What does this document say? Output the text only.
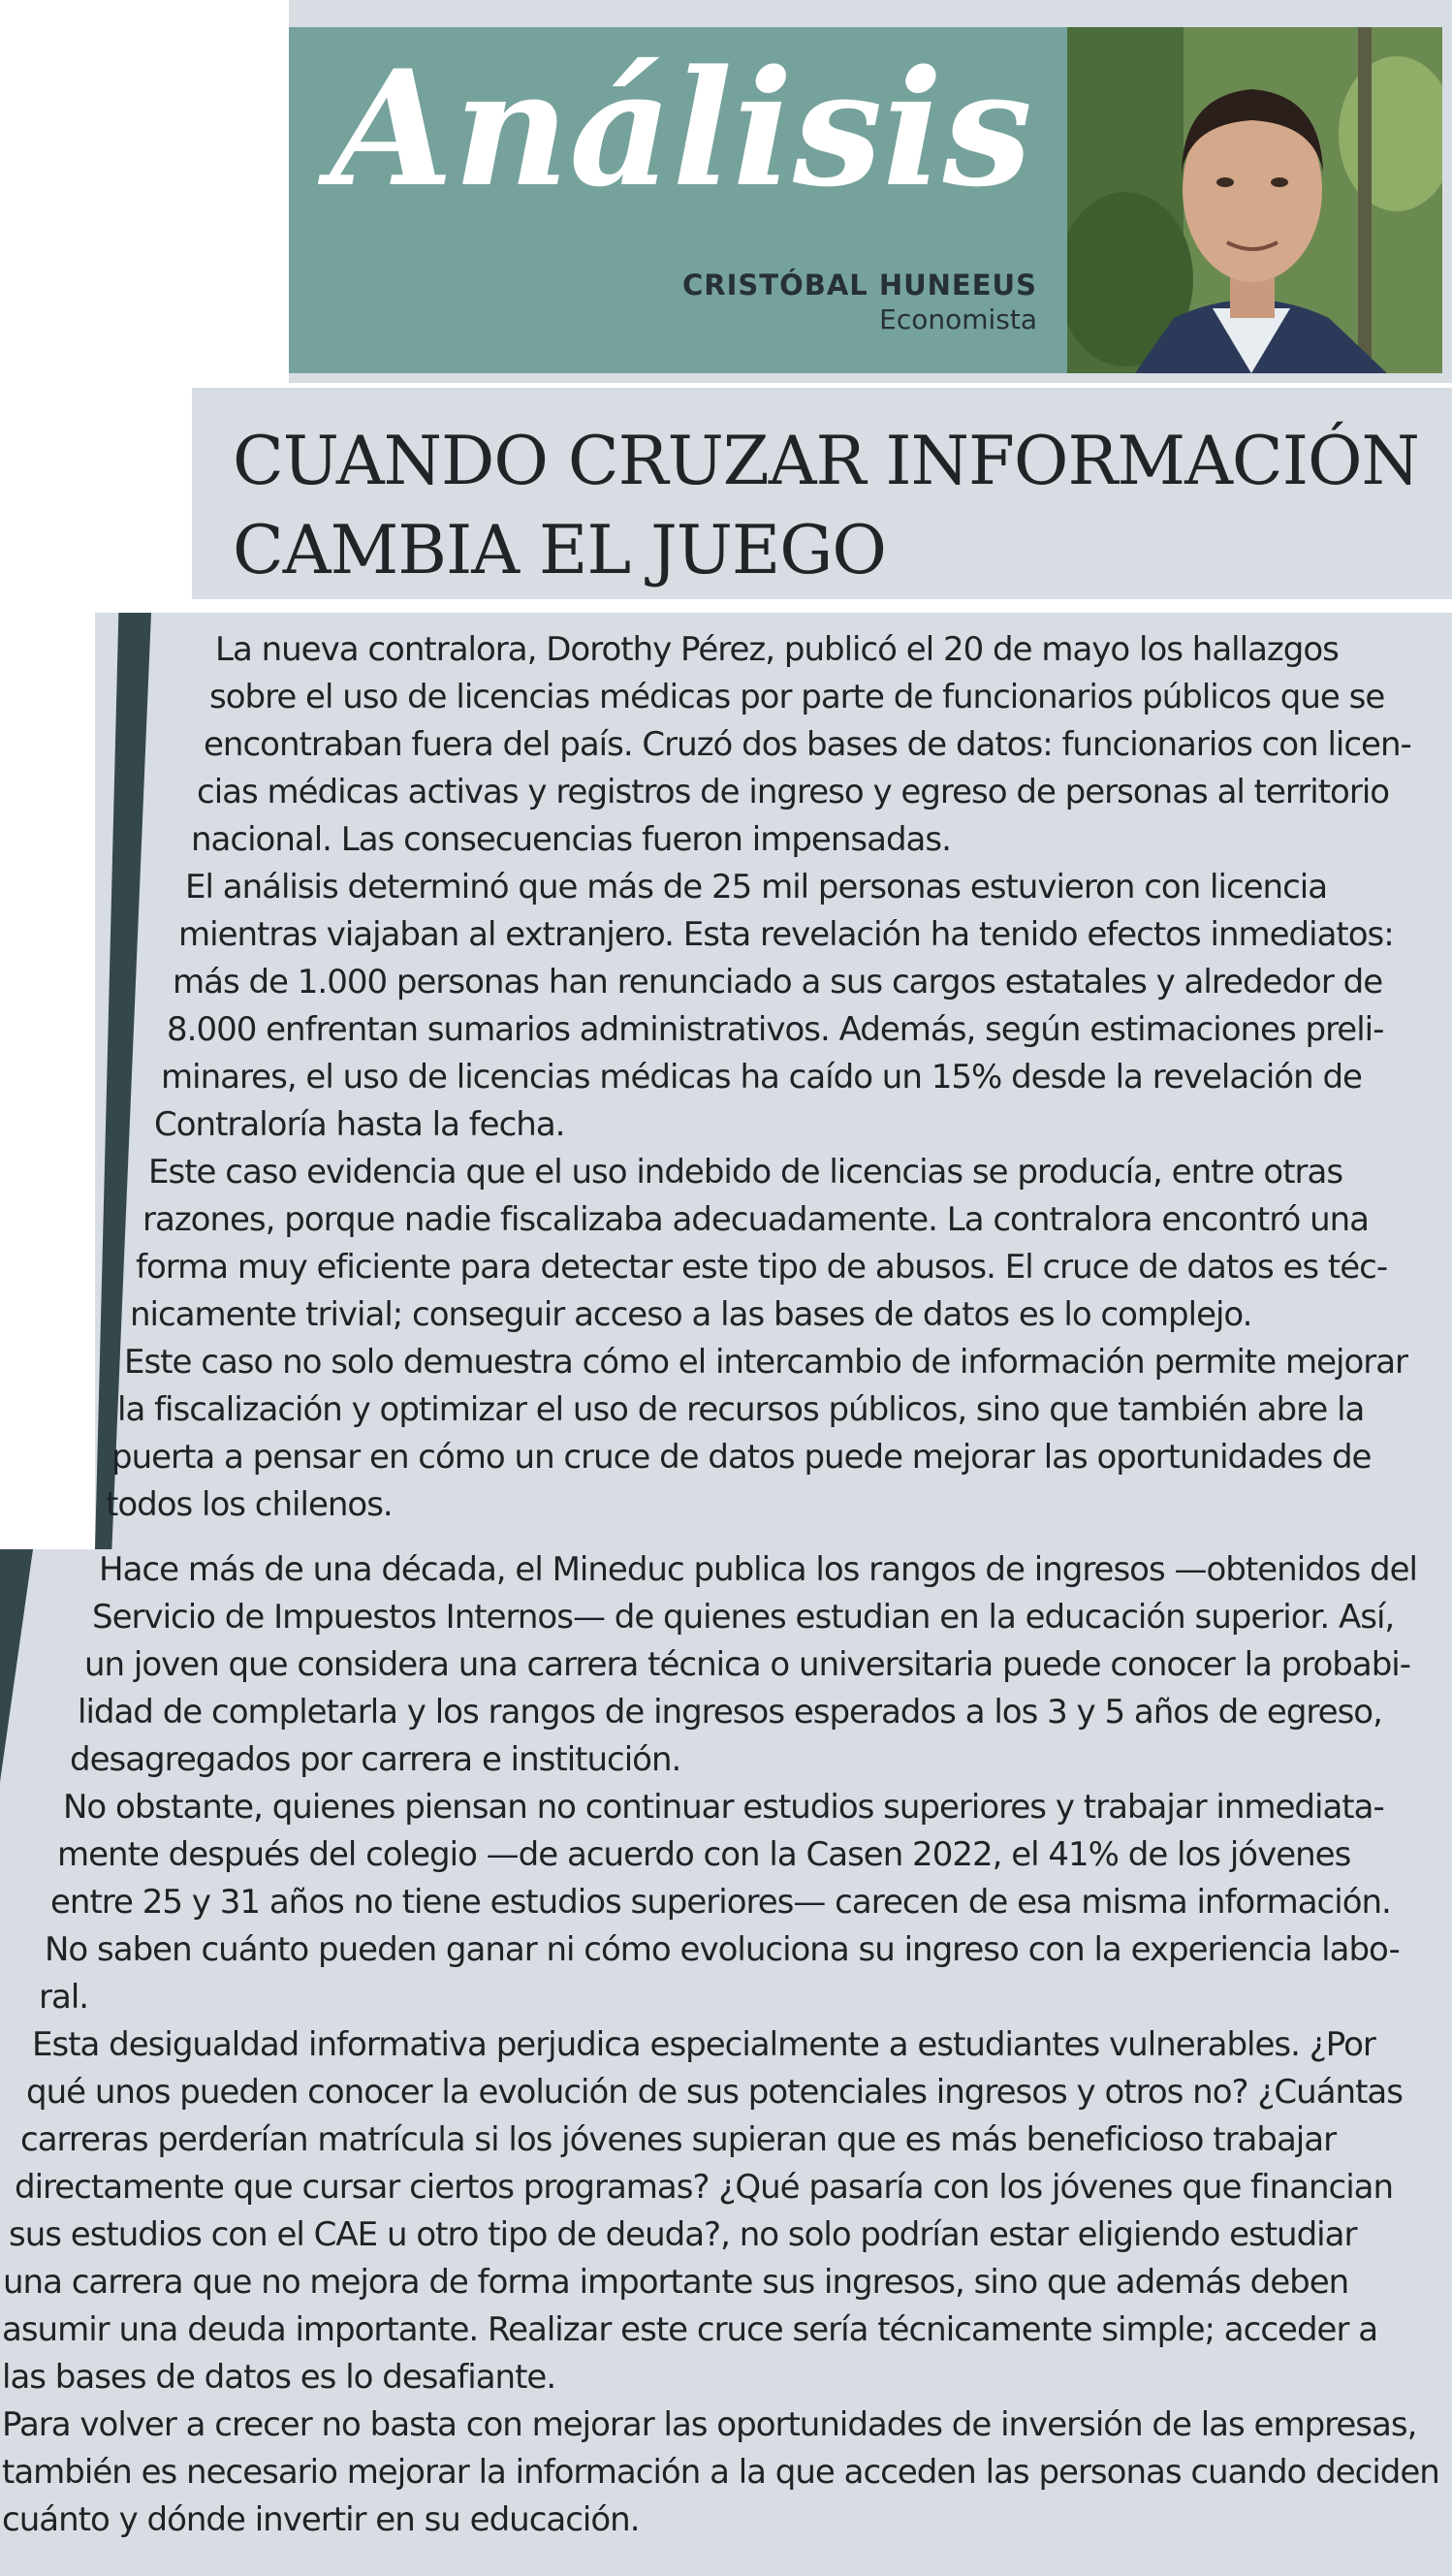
Análisis
CRISTÓBAL HUNEEUS
Economista
CUANDO CRUZAR INFORMACIÓN
CAMBIA EL JUEGO
La nueva contralora, Dorothy Pérez, publicó el 20 de mayo los hallazgos
sobre el uso de licencias médicas por parte de funcionarios públicos que se
encontraban fuera del país. Cruzó dos bases de datos: funcionarios con licen-
cias médicas activas y registros de ingreso y egreso de personas al territorio
nacional. Las consecuencias fueron impensadas.
El análisis determinó que más de 25 mil personas estuvieron con licencia
mientras viajaban al extranjero. Esta revelación ha tenido efectos inmediatos:
más de 1.000 personas han renunciado a sus cargos estatales y alrededor de
8.000 enfrentan sumarios administrativos. Además, según estimaciones preli-
minares, el uso de licencias médicas ha caído un 15% desde la revelación de
Contraloría hasta la fecha.
Este caso evidencia que el uso indebido de licencias se producía, entre otras
razones, porque nadie fiscalizaba adecuadamente. La contralora encontró una
forma muy eficiente para detectar este tipo de abusos. El cruce de datos es téc-
nicamente trivial; conseguir acceso a las bases de datos es lo complejo.
Este caso no solo demuestra cómo el intercambio de información permite mejorar
la fiscalización y optimizar el uso de recursos públicos, sino que también abre la
puerta a pensar en cómo un cruce de datos puede mejorar las oportunidades de
todos los chilenos.
Hace más de una década, el Mineduc publica los rangos de ingresos —obtenidos del
Servicio de Impuestos Internos— de quienes estudian en la educación superior. Así,
un joven que considera una carrera técnica o universitaria puede conocer la probabi-
lidad de completarla y los rangos de ingresos esperados a los 3 y 5 años de egreso,
desagregados por carrera e institución.
No obstante, quienes piensan no continuar estudios superiores y trabajar inmediata-
mente después del colegio —de acuerdo con la Casen 2022, el 41% de los jóvenes
entre 25 y 31 años no tiene estudios superiores— carecen de esa misma información.
No saben cuánto pueden ganar ni cómo evoluciona su ingreso con la experiencia labo-
ral.
Esta desigualdad informativa perjudica especialmente a estudiantes vulnerables. ¿Por
qué unos pueden conocer la evolución de sus potenciales ingresos y otros no? ¿Cuántas
carreras perderían matrícula si los jóvenes supieran que es más beneficioso trabajar
directamente que cursar ciertos programas? ¿Qué pasaría con los jóvenes que financian
sus estudios con el CAE u otro tipo de deuda?, no solo podrían estar eligiendo estudiar
una carrera que no mejora de forma importante sus ingresos, sino que además deben
asumir una deuda importante. Realizar este cruce sería técnicamente simple; acceder a
las bases de datos es lo desafiante.
Para volver a crecer no basta con mejorar las oportunidades de inversión de las empresas,
también es necesario mejorar la información a la que acceden las personas cuando deciden
cuánto y dónde invertir en su educación.
